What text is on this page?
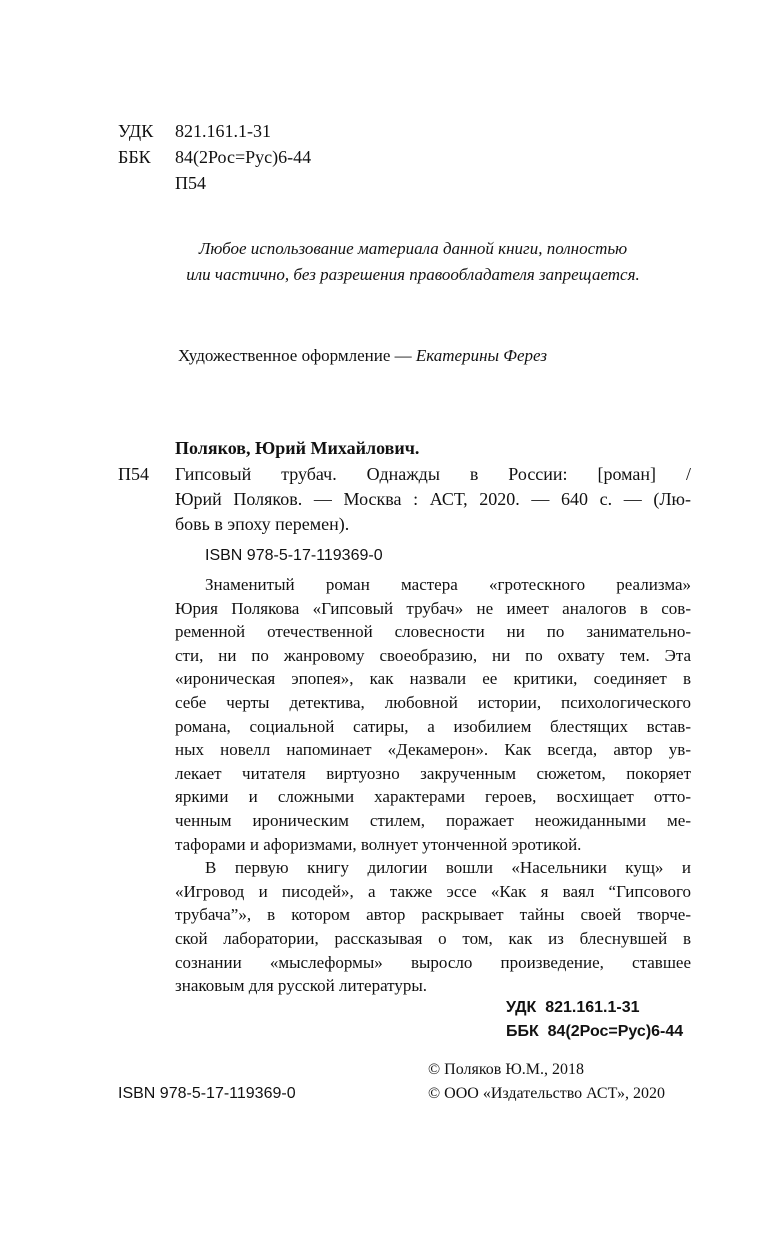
УДК 821.161.1-31
ББК 84(2Рос=Рус)6-44
П54
Любое использование материала данной книги, полностью
или частично, без разрешения правообладателя запрещается.
Художественное оформление — Екатерины Ферез
Поляков, Юрий Михайлович.
П54 Гипсовый трубач. Однажды в России: [роман] /
Юрий Поляков. — Москва : АСТ, 2020. — 640 с. — (Лю-
бовь в эпоху перемен).
ISBN 978-5-17-119369-0
Знаменитый роман мастера «гротескного реализма»
Юрия Полякова «Гипсовый трубач» не имеет аналогов в сов-
ременной отечественной словесности ни по занимательно-
сти, ни по жанровому своеобразию, ни по охвату тем. Эта
«ироническая эпопея», как назвали ее критики, соединяет в
себе черты детектива, любовной истории, психологического
романа, социальной сатиры, а изобилием блестящих встав-
ных новелл напоминает «Декамерон». Как всегда, автор ув-
лекает читателя виртуозно закрученным сюжетом, покоряет
яркими и сложными характерами героев, восхищает отто-
ченным ироническим стилем, поражает неожиданными ме-
тафорами и афоризмами, волнует утонченной эротикой.
В первую книгу дилогии вошли «Насельники кущ» и
«Игровод и писодей», а также эссе «Как я ваял “Гипсового
трубача”», в котором автор раскрывает тайны своей творче-
ской лаборатории, рассказывая о том, как из блеснувшей в
сознании «мыслеформы» выросло произведение, ставшее
знаковым для русской литературы.
УДК  821.161.1-31
ББК  84(2Рос=Рус)6-44
ISBN 978-5-17-119369-0
© Поляков Ю.М., 2018
© ООО «Издательство АСТ», 2020
